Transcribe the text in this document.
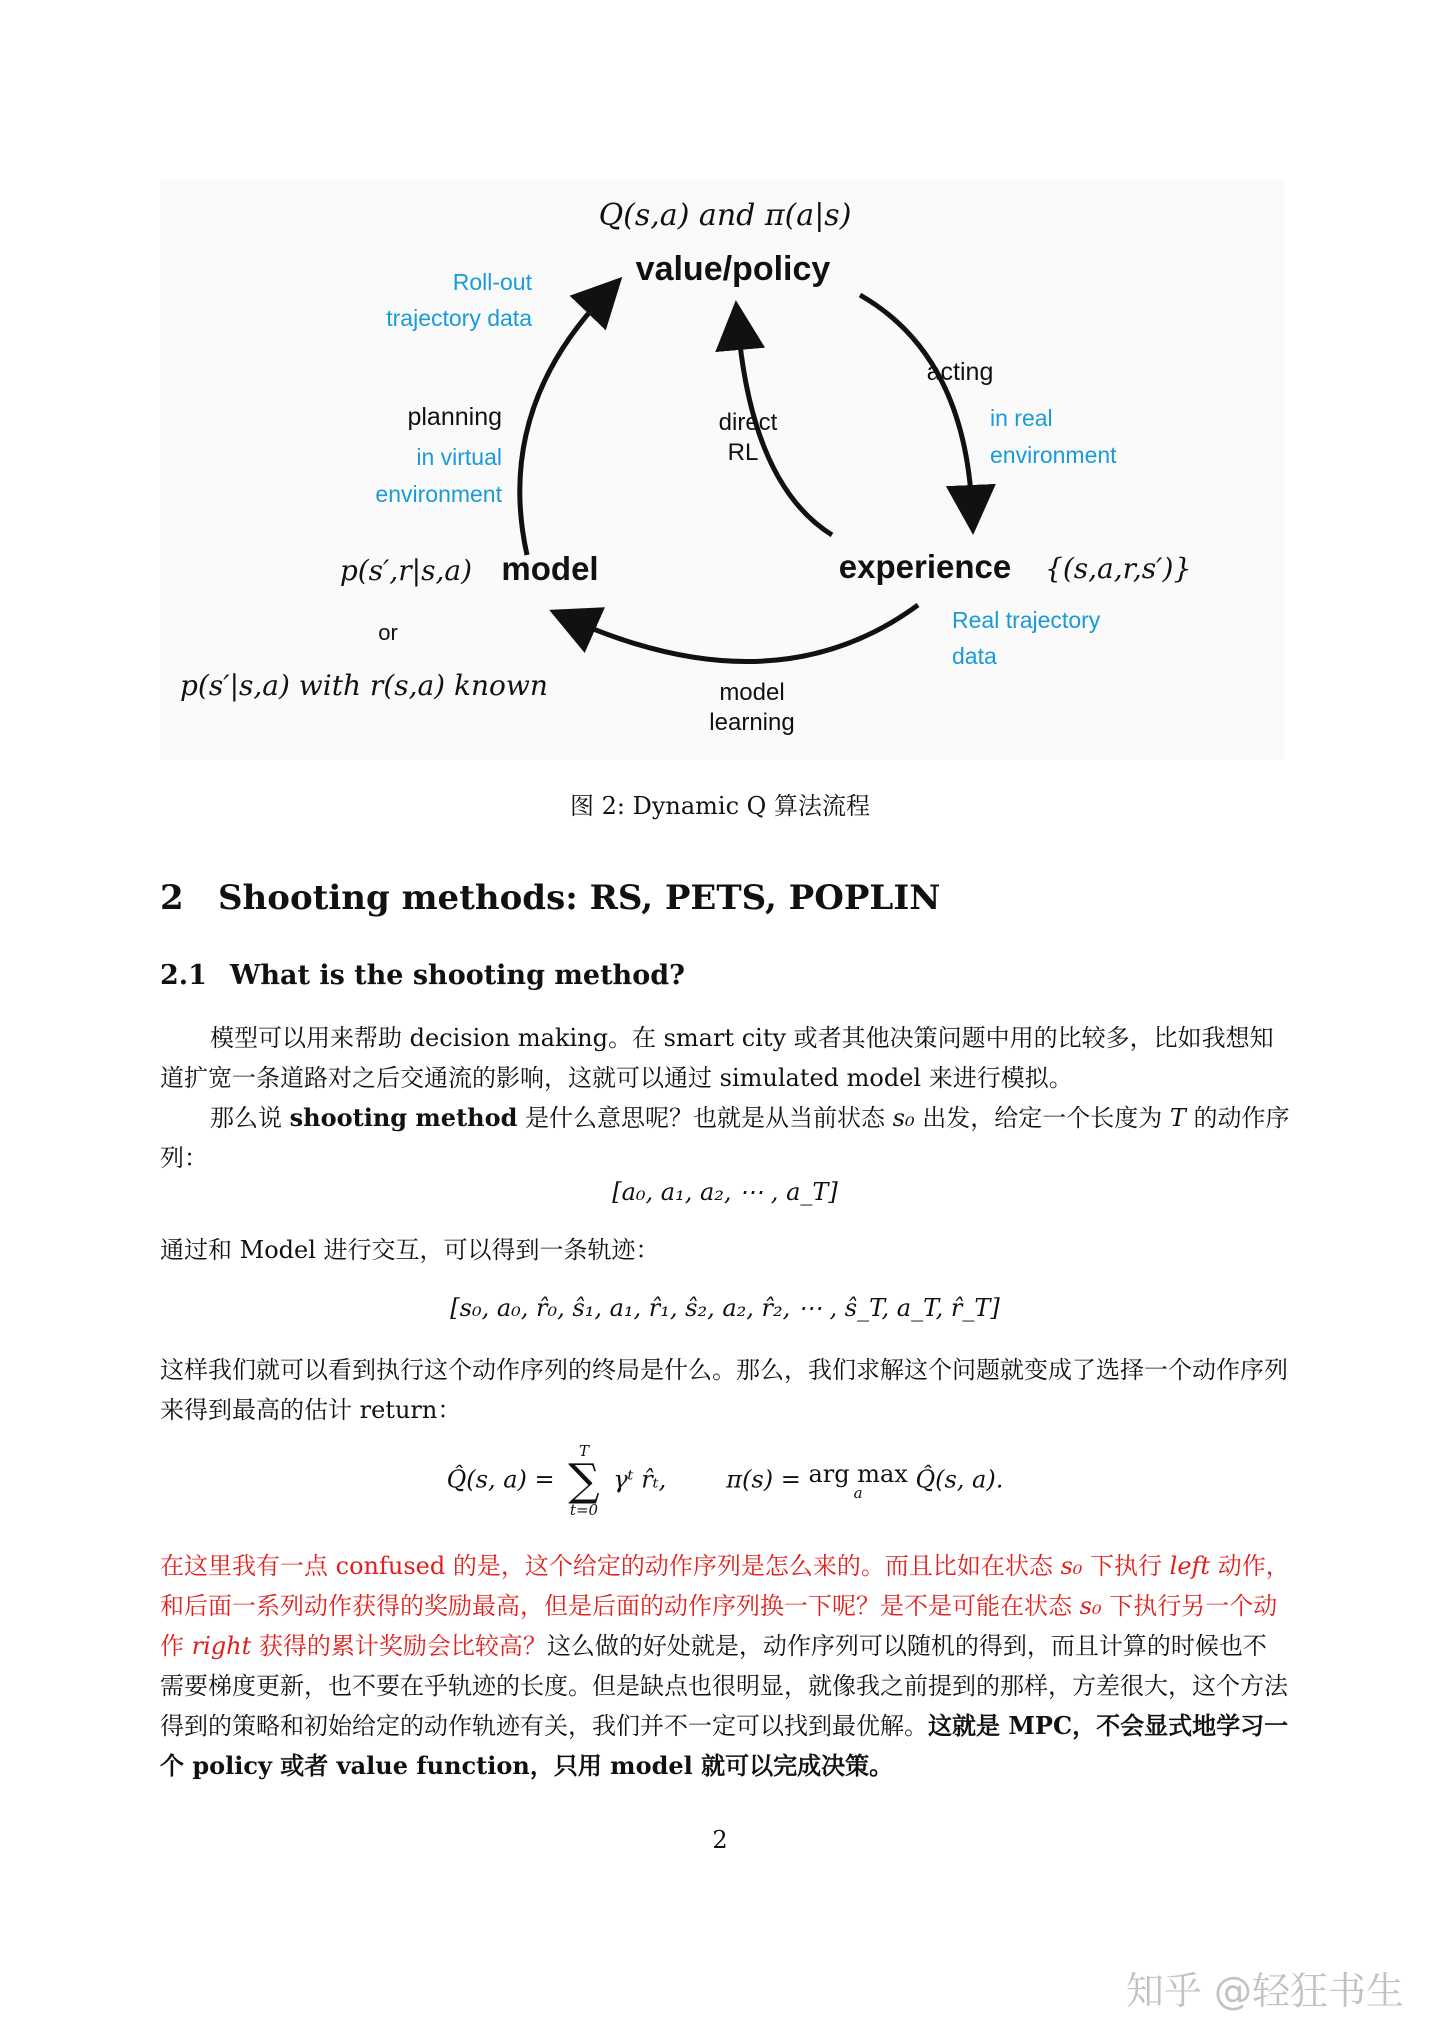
Q(s,a) and π(a|s)
value/policy
Roll-out
trajectory data
acting
in real
environment
planning
in virtual
environment
direct
RL
p(s′,r|s,a) model	experience {(s,a,r,s′)}
Real trajectory
data
or
p(s′|s,a) with r(s,a) known	model
learning
图 2: Dynamic Q 算法流程
2 Shooting methods: RS, PETS, POPLIN
2.1 What is the shooting method?

模型可以用来帮助 decision making。在 smart city 或者其他决策问题中用的比较多，比如我想知道扩宽一条道路对之后交通流的影响，这就可以通过 simulated model 来进行模拟。

那么说 shooting method 是什么意思呢？也就是从当前状态 s₀ 出发，给定一个长度为 T 的动作序列：

[a₀, a₁, a₂, ⋯ , a_T]

通过和 Model 进行交互，可以得到一条轨迹：

[s₀, a₀, r̂₀, ŝ₁, a₁, r̂₁, ŝ₂, a₂, r̂₂, ⋯ , ŝ_T, a_T, r̂_T]

这样我们就可以看到执行这个动作序列的终局是什么。那么，我们求解这个问题就变成了选择一个动作序列来得到最高的估计 return：

Q̂(s, a) =
T
∑
t=0
γᵗ r̂ₜ,	π(s) = arg max
a	Q̂(s, a).

在这里我有一点 confused 的是，这个给定的动作序列是怎么来的。而且比如在状态 s₀ 下执行 left 动作，和后面一系列动作获得的奖励最高，但是后面的动作序列换一下呢？是不是可能在状态 s₀ 下执行另一个动作 right 获得的累计奖励会比较高？这么做的好处就是，动作序列可以随机的得到，而且计算的时候也不需要梯度更新，也不要在乎轨迹的长度。但是缺点也很明显，就像我之前提到的那样，方差很大，这个方法得到的策略和初始给定的动作轨迹有关，我们并不一定可以找到最优解。这就是 MPC，不会显式地学习一个 policy 或者 value function，只用 model 就可以完成决策。

2
知乎 @轻狂书生
